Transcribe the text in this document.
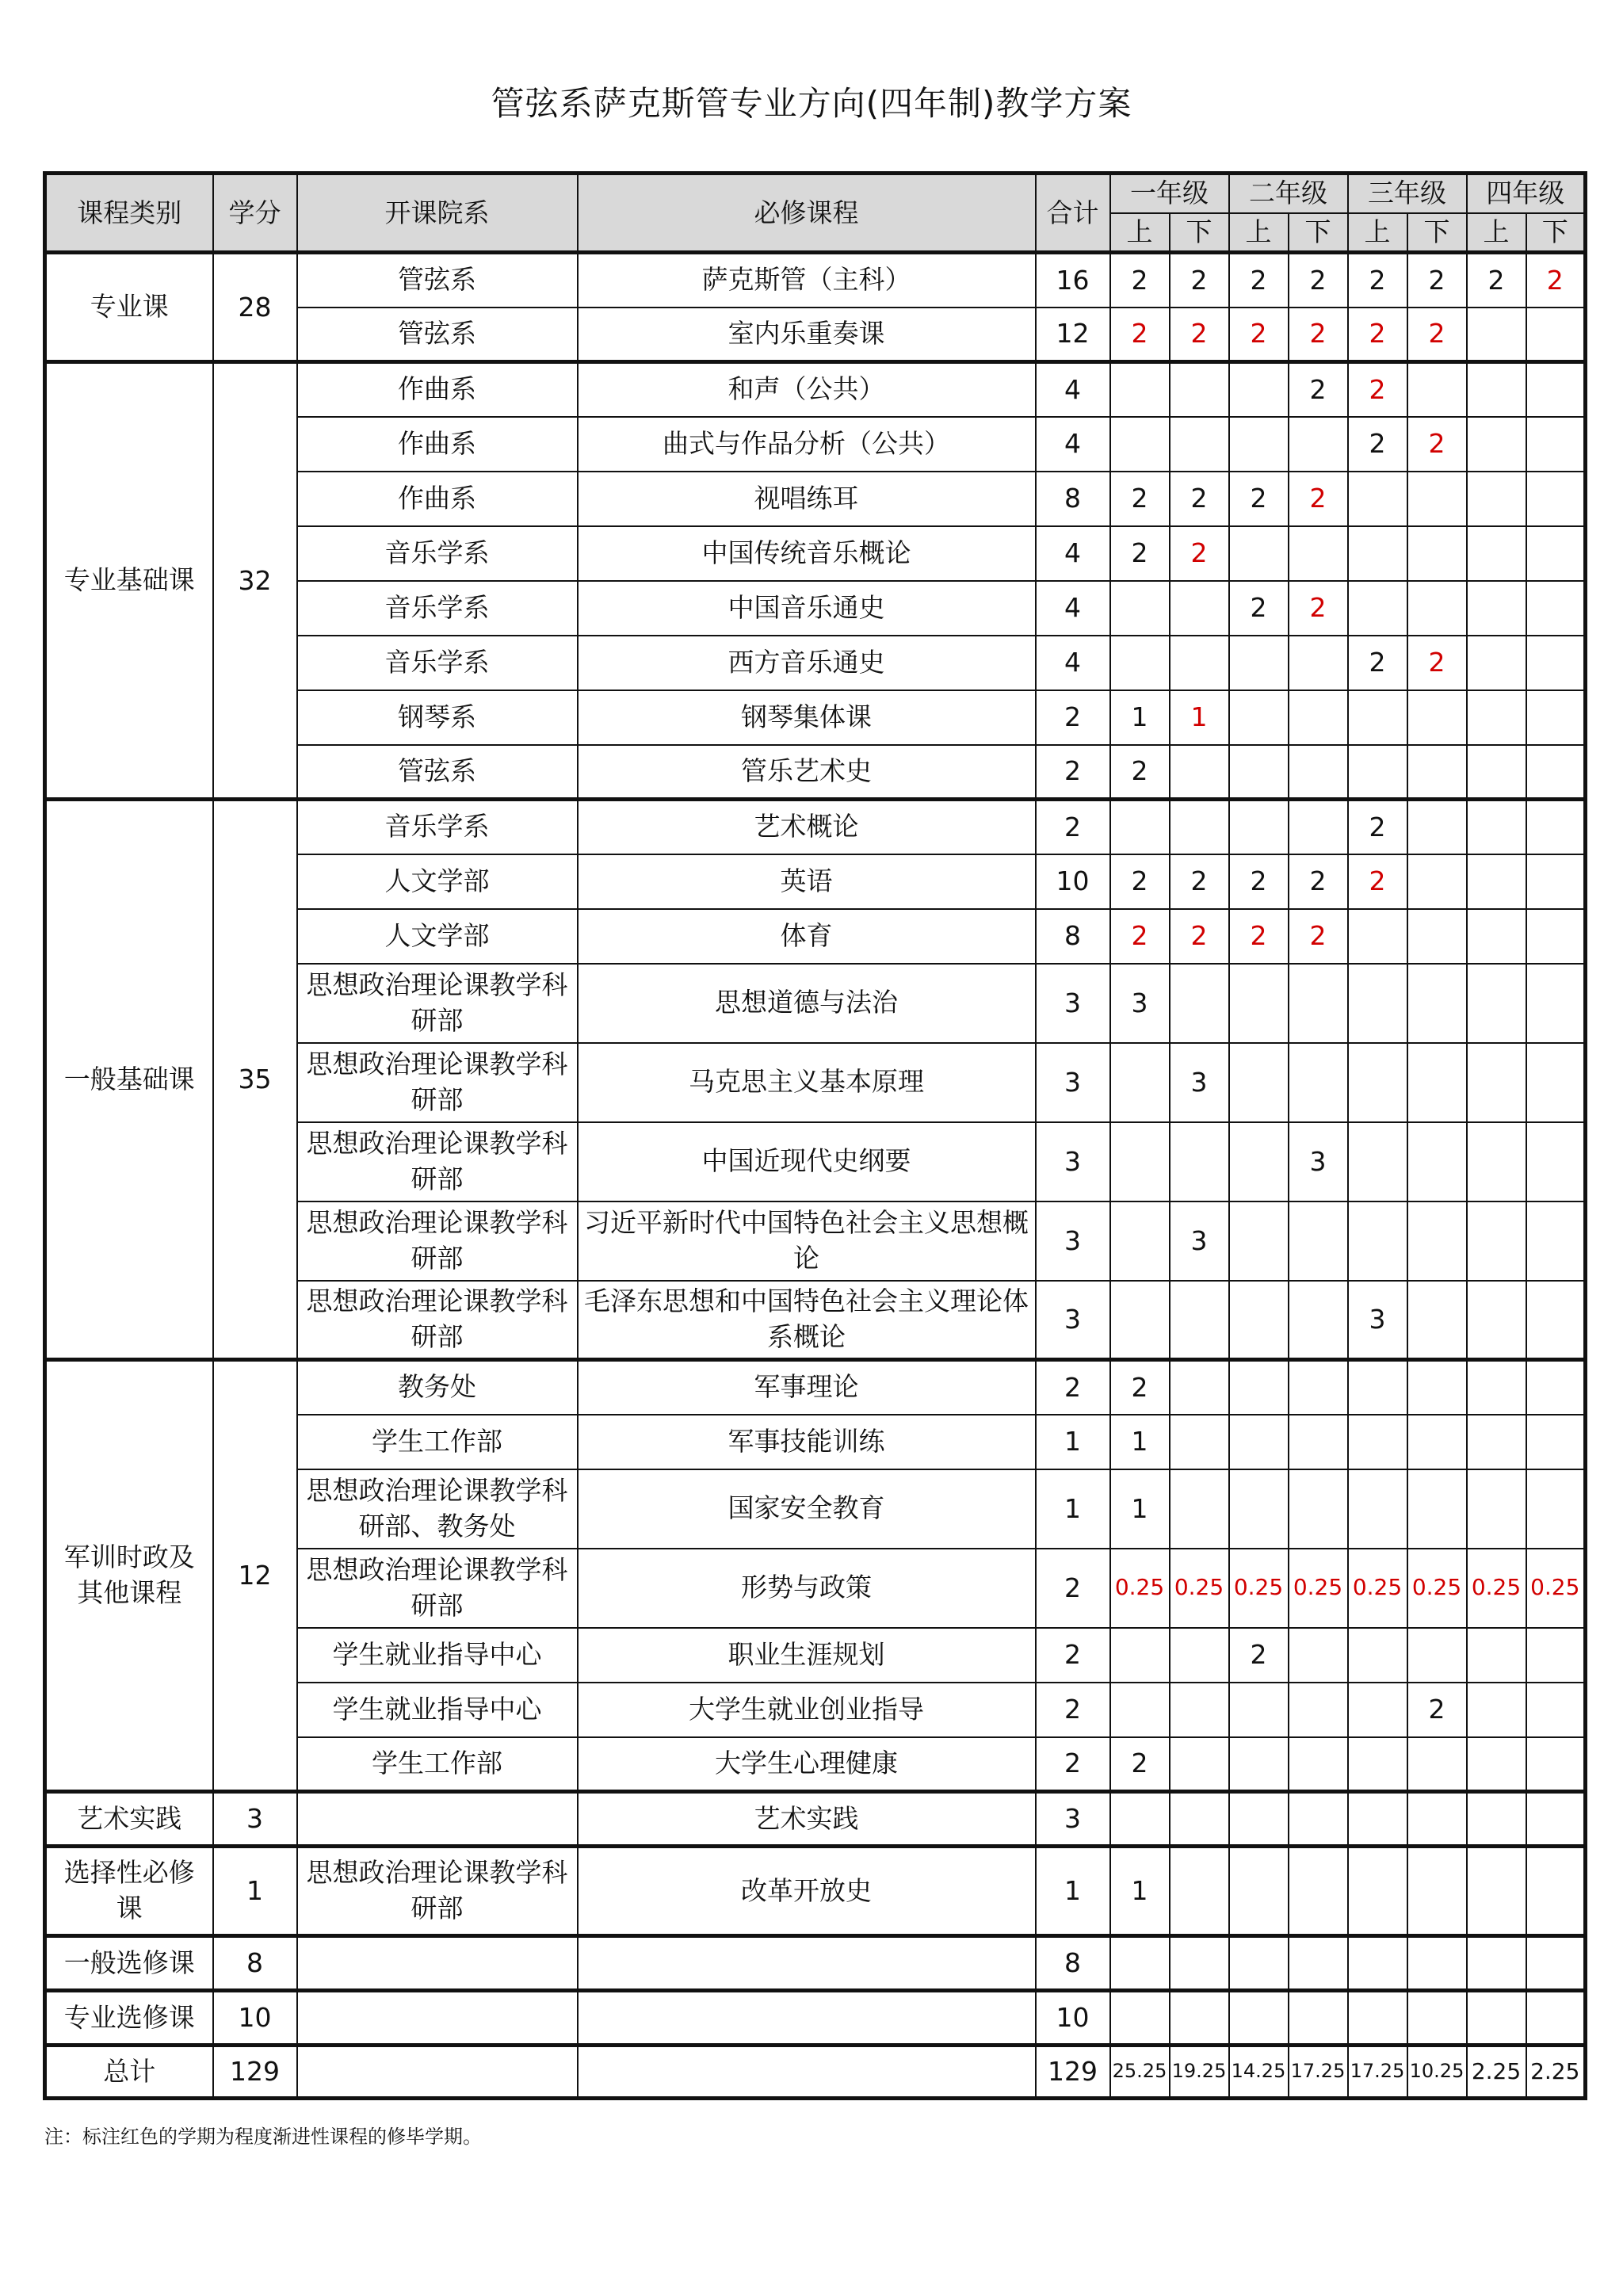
管弦系萨克斯管专业方向(四年制)教学方案
课程类别	学分	开课院系	必修课程	合计	一年级		二年级		三年级		四年级	
					上	下	上	下	上	下	上	下
专业课	28	管弦系	萨克斯管（主科）	16	2	2	2	2	2	2	2	2
		管弦系	室内乐重奏课	12	2	2	2	2	2	2		
专业基础课	32	作曲系	和声（公共）	4				2	2			
		作曲系	曲式与作品分析（公共）	4					2	2		
		作曲系	视唱练耳	8	2	2	2	2				
		音乐学系	中国传统音乐概论	4	2	2						
		音乐学系	中国音乐通史	4			2	2				
		音乐学系	西方音乐通史	4					2	2		
		钢琴系	钢琴集体课	2	1	1						
		管弦系	管乐艺术史	2	2							
一般基础课	35	音乐学系	艺术概论	2					2			
		人文学部	英语	10	2	2	2	2	2			
		人文学部	体育	8	2	2	2	2				
		思想政治理论课教学科研部	思想道德与法治	3	3							
		思想政治理论课教学科研部	马克思主义基本原理	3		3						
		思想政治理论课教学科研部	中国近现代史纲要	3				3				
		思想政治理论课教学科研部	习近平新时代中国特色社会主义思想概论	3		3						
		思想政治理论课教学科研部	毛泽东思想和中国特色社会主义理论体系概论	3					3			
军训时政及其他课程	12	教务处	军事理论	2	2							
		学生工作部	军事技能训练	1	1							
		思想政治理论课教学科研部、教务处	国家安全教育	1	1							
		思想政治理论课教学科研部	形势与政策	2	0.25	0.25	0.25	0.25	0.25	0.25	0.25	0.25
		学生就业指导中心	职业生涯规划	2			2					
		学生就业指导中心	大学生就业创业指导	2						2		
		学生工作部	大学生心理健康	2	2							
艺术实践	3		艺术实践	3								
选择性必修课	1	思想政治理论课教学科研部	改革开放史	1	1							
一般选修课	8			8								
专业选修课	10			10								
总计	129			129	25.25	19.25	14.25	17.25	17.25	10.25	2.25	2.25
注：标注红色的学期为程度渐进性课程的修毕学期。
